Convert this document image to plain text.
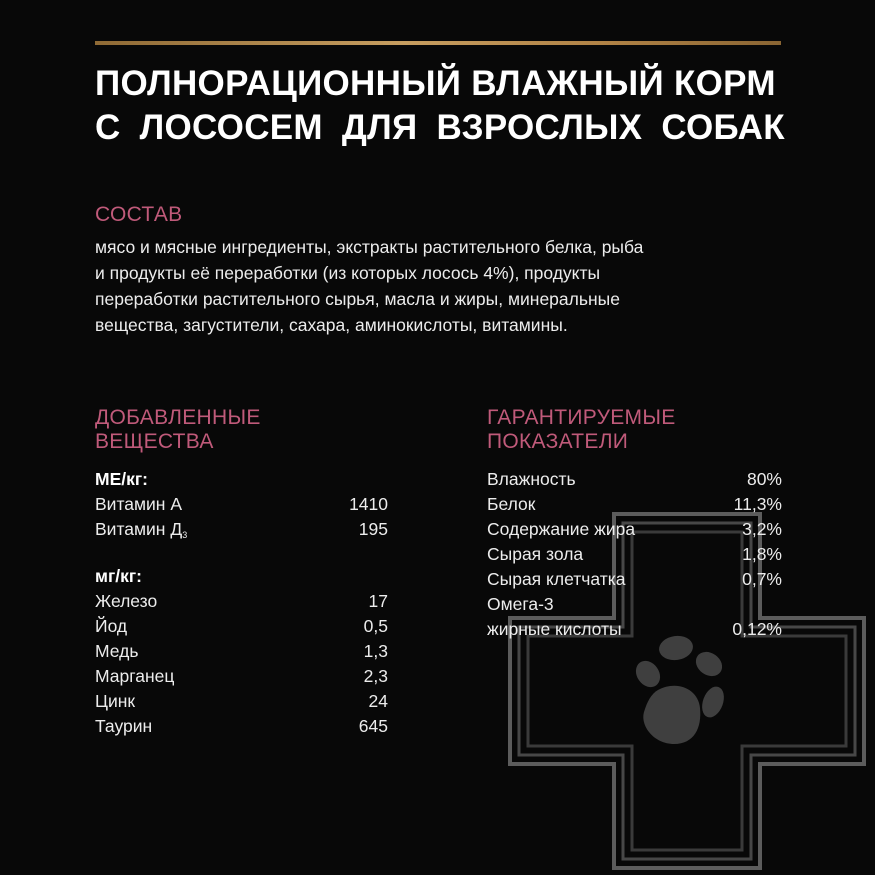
ПОЛНОРАЦИОННЫЙ ВЛАЖНЫЙ КОРМ
С ЛОСОСЕМ ДЛЯ ВЗРОСЛЫХ СОБАК
СОСТАВ
мясо и мясные ингредиенты, экстракты растительного белка, рыба
и продукты её переработки (из которых лосось 4%), продукты
переработки растительного сырья, масла и жиры, минеральные
вещества, загустители, сахара, аминокислоты, витамины.
ДОБАВЛЕННЫЕ
ВЕЩЕСТВА
МЕ/кг:
Витамин А	1410
Витамин $Д_3$	195
мг/кг:
Железо	17
Йод	0,5
Медь	1,3
Марганец	2,3
Цинк	24
Таурин	645
ГАРАНТИРУЕМЫЕ
ПОКАЗАТЕЛИ
Влажность	80%
Белок	11,3%
Содержание жира	3,2%
Сырая зола	1,8%
Сырая клетчатка	0,7%
Омега-3
жирные кислоты	0,12%
